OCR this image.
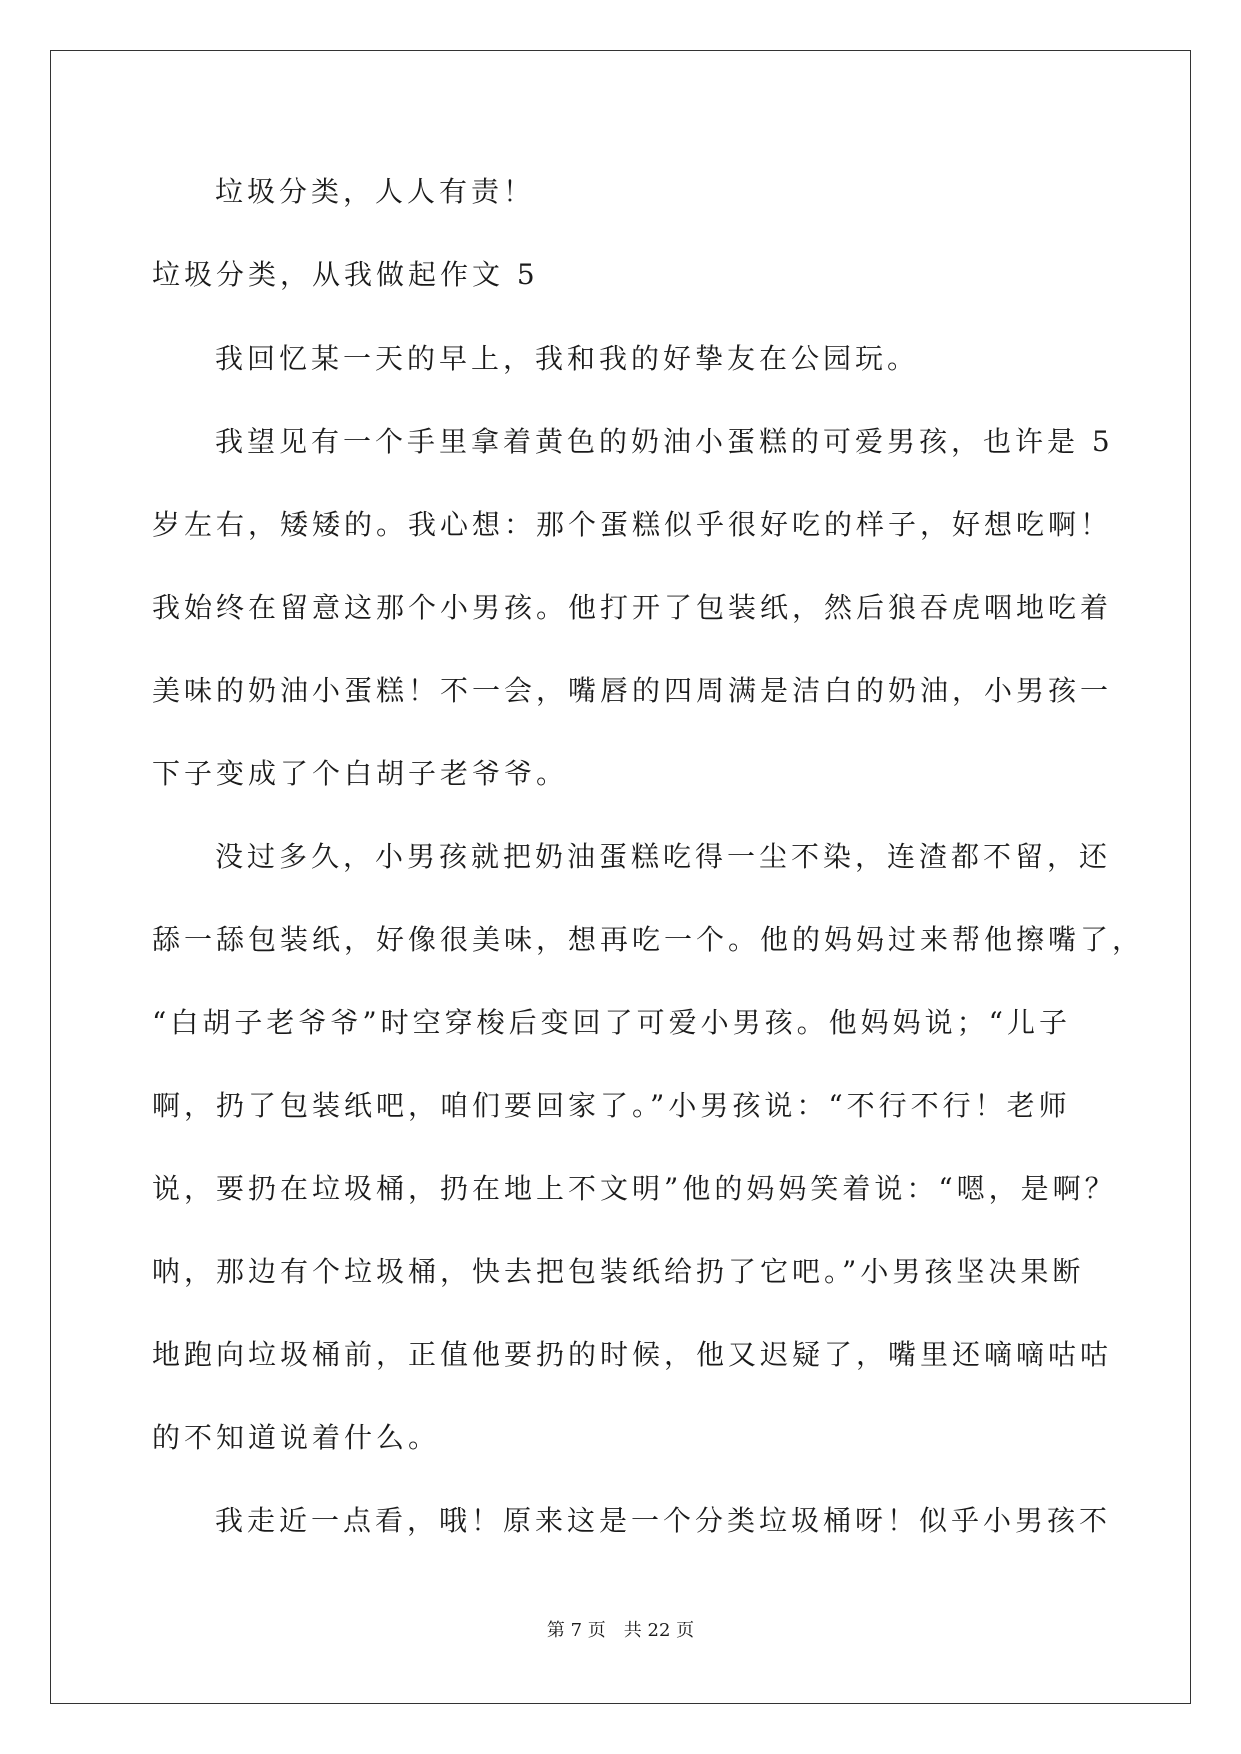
垃圾分类，人人有责！
垃圾分类，从我做起作文 5
我回忆某一天的早上，我和我的好挚友在公园玩。
我望见有一个手里拿着黄色的奶油小蛋糕的可爱男孩，也许是 5
岁左右，矮矮的。我心想：那个蛋糕似乎很好吃的样子，好想吃啊！
我始终在留意这那个小男孩。他打开了包装纸，然后狼吞虎咽地吃着
美味的奶油小蛋糕！不一会，嘴唇的四周满是洁白的奶油，小男孩一
下子变成了个白胡子老爷爷。
没过多久，小男孩就把奶油蛋糕吃得一尘不染，连渣都不留，还
舔一舔包装纸，好像很美味，想再吃一个。他的妈妈过来帮他擦嘴了，
“白胡子老爷爷”时空穿梭后变回了可爱小男孩。他妈妈说；“儿子
啊，扔了包装纸吧，咱们要回家了。”小男孩说：“不行不行！老师
说，要扔在垃圾桶，扔在地上不文明”他的妈妈笑着说：“嗯，是啊？
呐，那边有个垃圾桶，快去把包装纸给扔了它吧。”小男孩坚决果断
地跑向垃圾桶前，正值他要扔的时候，他又迟疑了，嘴里还嘀嘀咕咕
的不知道说着什么。
我走近一点看，哦！原来这是一个分类垃圾桶呀！似乎小男孩不
第 7 页 共 22 页
